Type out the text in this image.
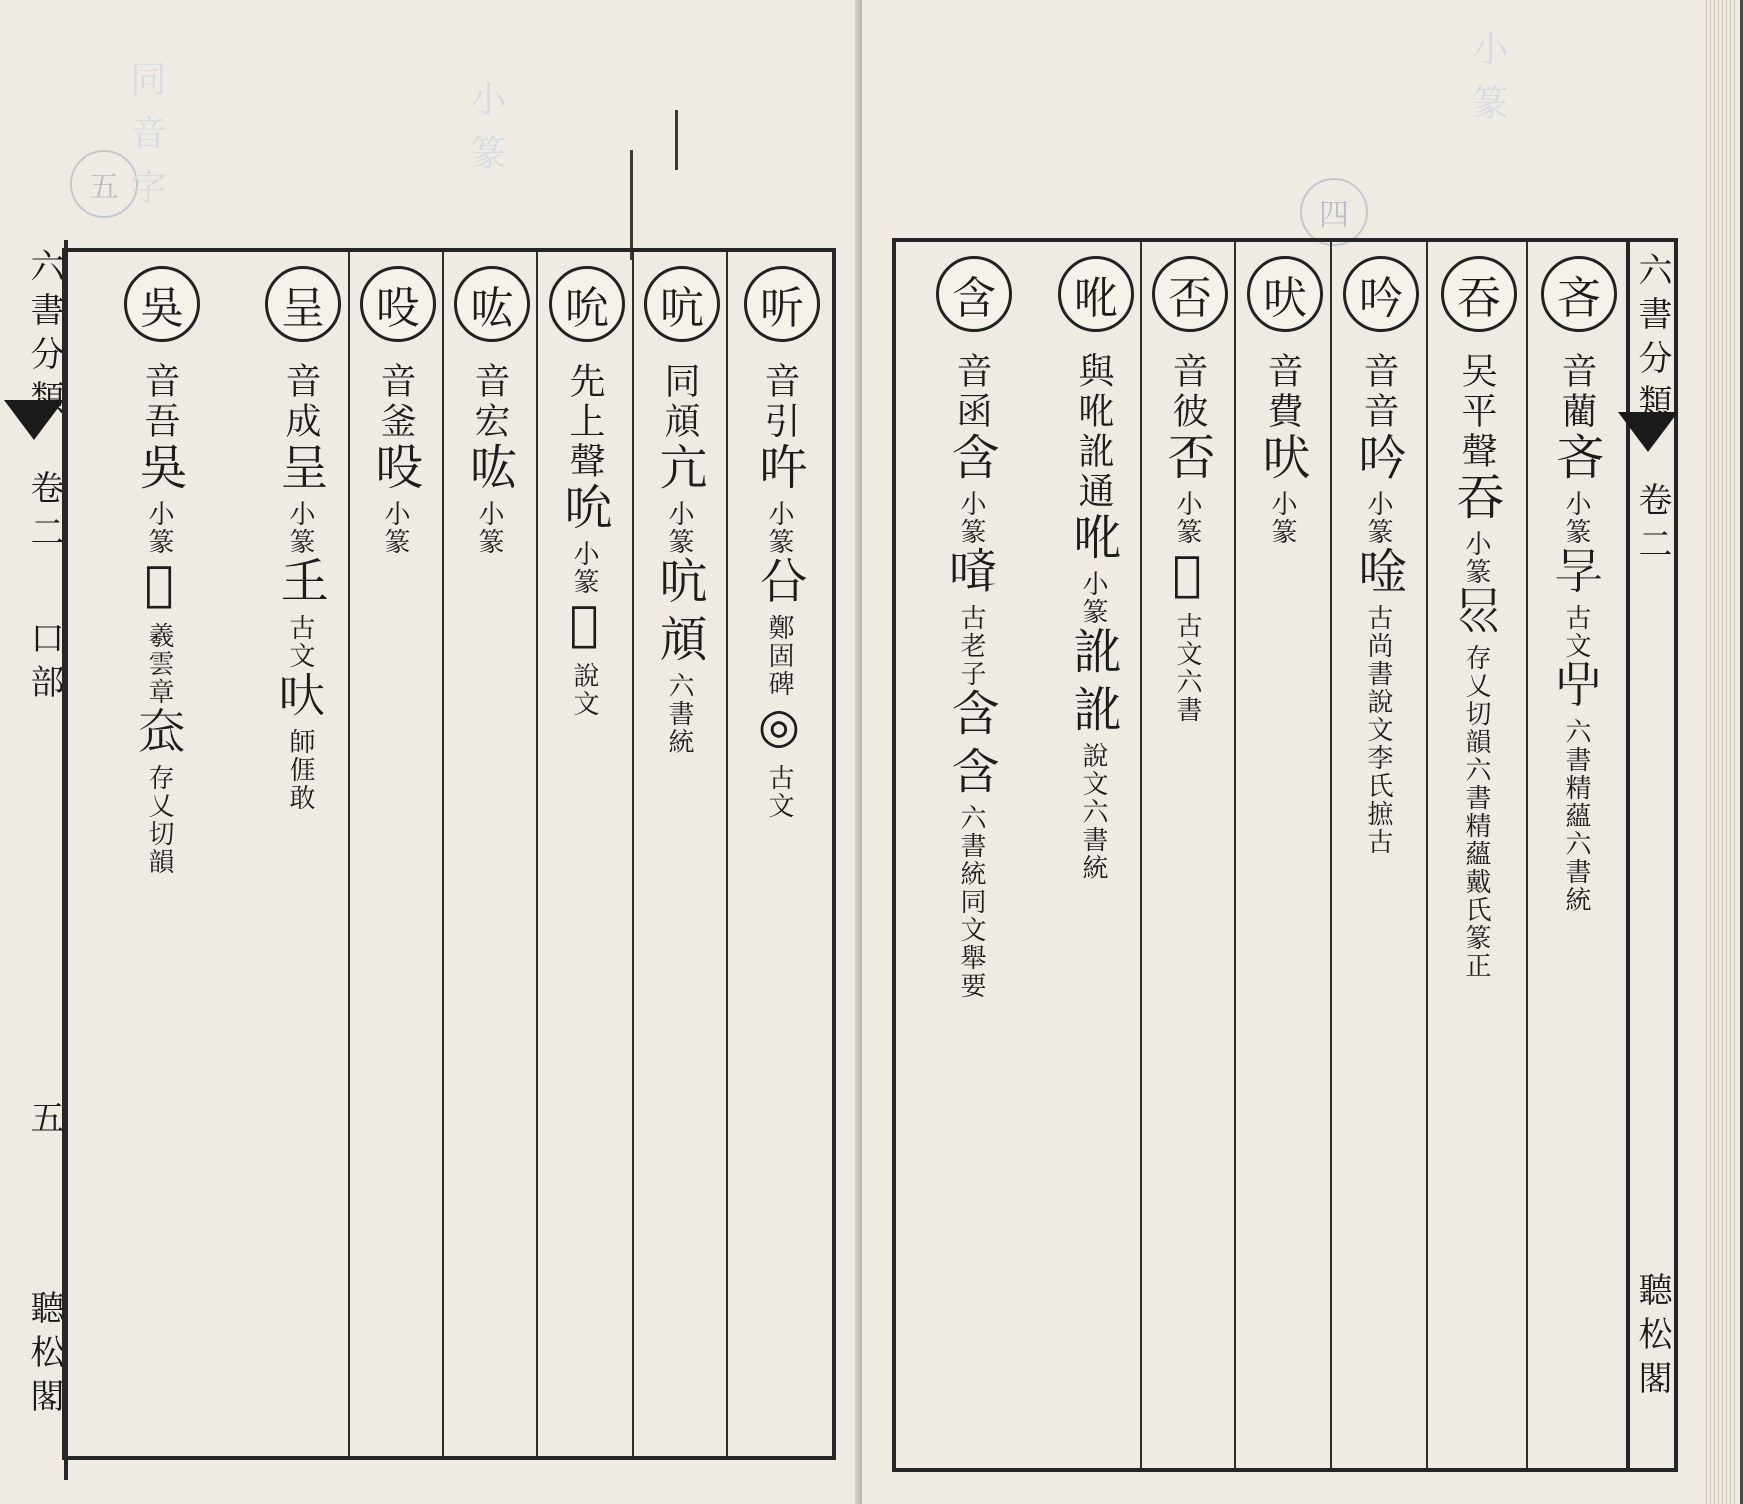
五 同音字	小篆
六書分類
卷二
口部
五
聽松閣
听
音引
吘
小篆
㕣
鄭固碑
◎
古文
吭
同頏
亢
小篆
吭頏
六書統
吮
先上聲
吮
小篆
𠯁
說文
吰
音宏
吰
小篆
吺
音釜
吺
小篆
呈
音成
呈
小篆
𡈼
古文
𠯈
師𠊎敢
吳
音吾
吳
小篆
𡗶
羲雲章
𡗷
存乂切韻
四
小篆
吝
音藺
吝
小篆
𠯂
古文
𠯃
六書精蘊
六書統
吞
㕦平聲
吞
小篆
𠮰
存乂切韻
六書精蘊
戴氏篆正
吟
音音
吟
小篆
唫
古尚書
說文
李氏摭古
吠
音費
吠
小篆
否
音彼
否
小篆
𠕗
古文
六書
吪
與吪訛通
吪
小篆
訛訛
說文
六書統
含
音函
含
小篆
𠻎
古老子
含含
六書統
同文舉要
六書分類
卷二
聽松閣
